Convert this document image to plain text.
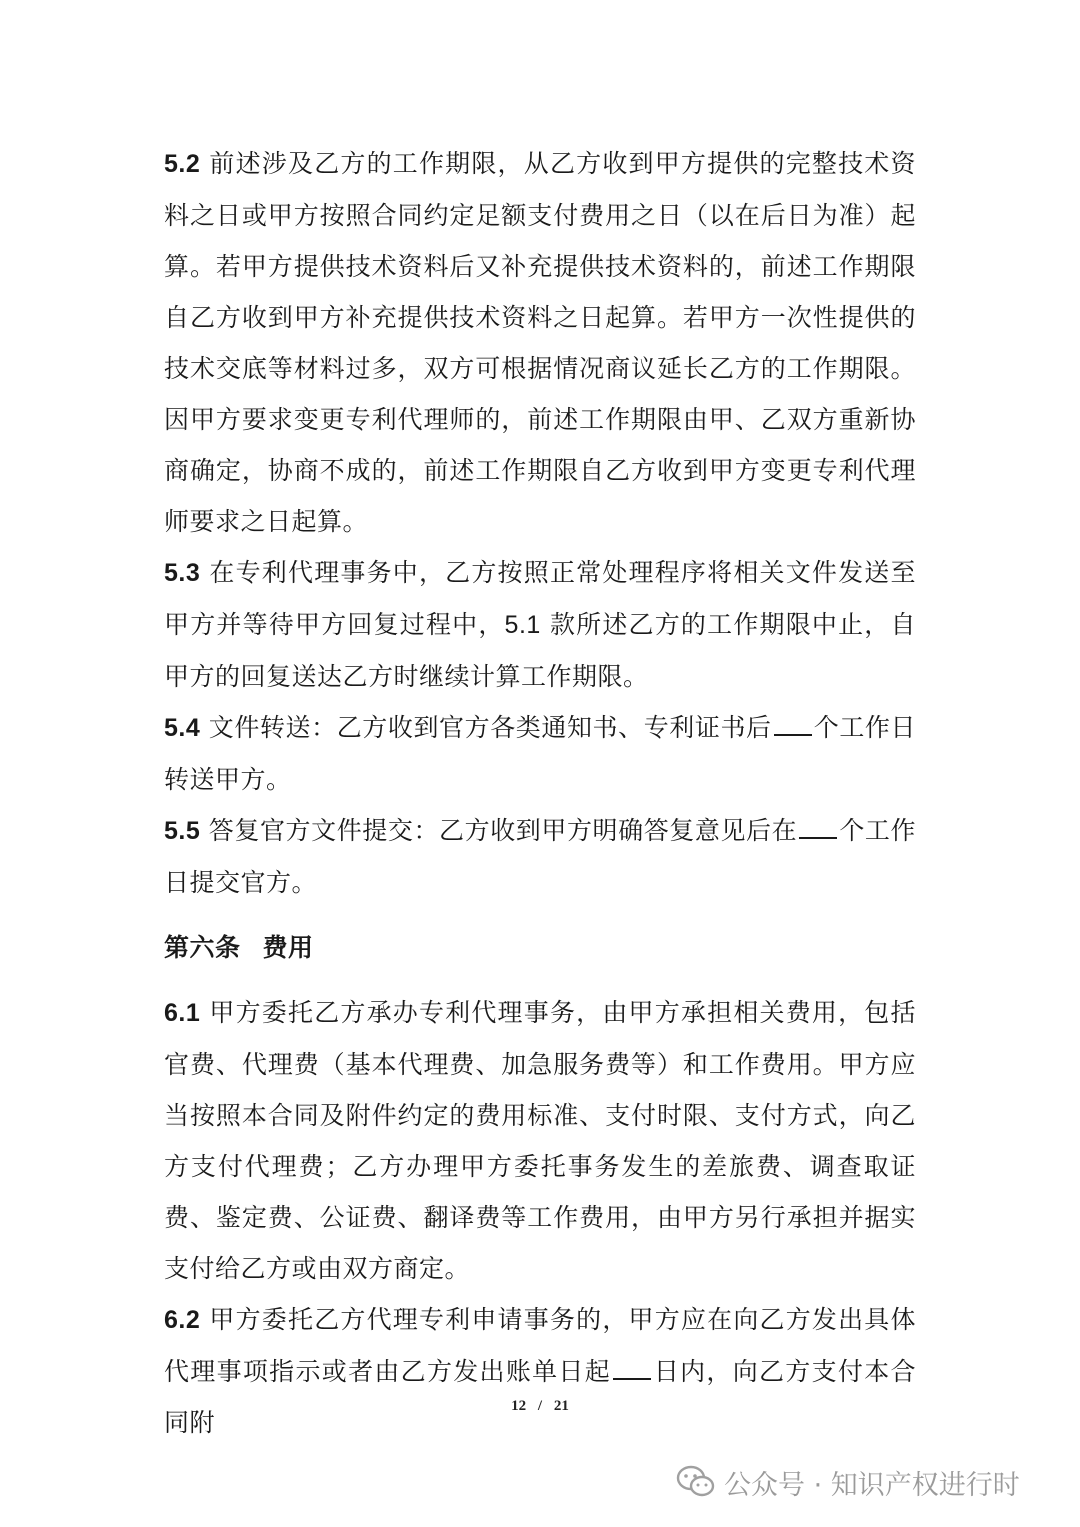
5.2 前述涉及乙方的工作期限，从乙方收到甲方提供的完整技术资料之日或甲方按照合同约定足额支付费用之日（以在后日为准）起算。若甲方提供技术资料后又补充提供技术资料的，前述工作期限自乙方收到甲方补充提供技术资料之日起算。若甲方一次性提供的技术交底等材料过多，双方可根据情况商议延长乙方的工作期限。因甲方要求变更专利代理师的，前述工作期限由甲、乙双方重新协商确定，协商不成的，前述工作期限自乙方收到甲方变更专利代理师要求之日起算。

5.3 在专利代理事务中，乙方按照正常处理程序将相关文件发送至甲方并等待甲方回复过程中，5.1 款所述乙方的工作期限中止，自甲方的回复送达乙方时继续计算工作期限。

5.4 文件转送：乙方收到官方各类通知书、专利证书后 个工作日转送甲方。

5.5 答复官方文件提交：乙方收到甲方明确答复意见后在 个工作日提交官方。

第六条 费用

6.1 甲方委托乙方承办专利代理事务，由甲方承担相关费用，包括官费、代理费（基本代理费、加急服务费等）和工作费用。甲方应当按照本合同及附件约定的费用标准、支付时限、支付方式，向乙方支付代理费；乙方办理甲方委托事务发生的差旅费、调查取证费、鉴定费、公证费、翻译费等工作费用，由甲方另行承担并据实支付给乙方或由双方商定。

6.2 甲方委托乙方代理专利申请事务的，甲方应在向乙方发出具体代理事项指示或者由乙方发出账单日起 日内，向乙方支付本合同附

12 / 21
公众号 · 知识产权进行时
